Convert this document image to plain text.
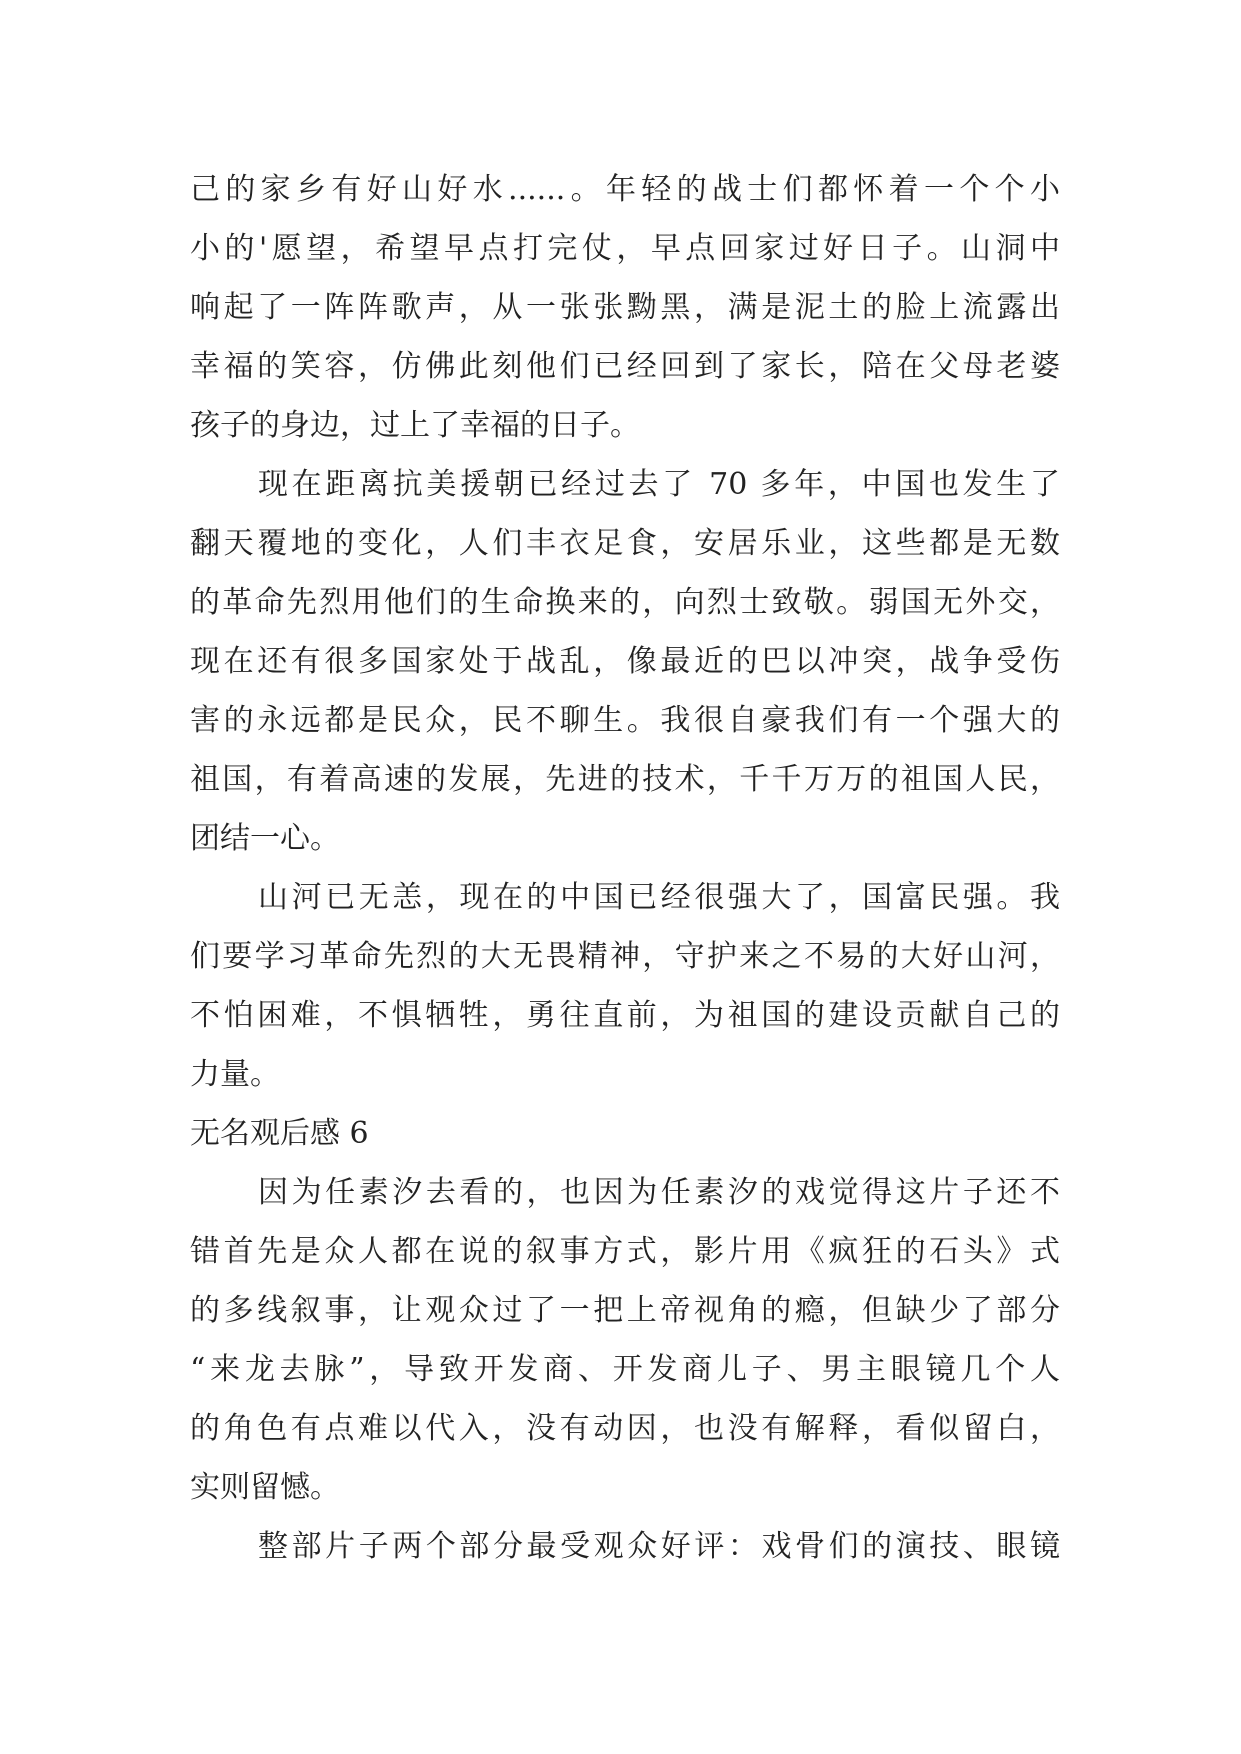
己的家乡有好山好水......。年轻的战士们都怀着一个个小
小的'愿望，希望早点打完仗，早点回家过好日子。山洞中
响起了一阵阵歌声，从一张张黝黑，满是泥土的脸上流露出
幸福的笑容，仿佛此刻他们已经回到了家长，陪在父母老婆
孩子的身边，过上了幸福的日子。
现在距离抗美援朝已经过去了 70 多年，中国也发生了
翻天覆地的变化，人们丰衣足食，安居乐业，这些都是无数
的革命先烈用他们的生命换来的，向烈士致敬。弱国无外交，
现在还有很多国家处于战乱，像最近的巴以冲突，战争受伤
害的永远都是民众，民不聊生。我很自豪我们有一个强大的
祖国，有着高速的发展，先进的技术，千千万万的祖国人民，
团结一心。
山河已无恙，现在的中国已经很强大了，国富民强。我
们要学习革命先烈的大无畏精神，守护来之不易的大好山河，
不怕困难，不惧牺牲，勇往直前，为祖国的建设贡献自己的
力量。
无名观后感 6
因为任素汐去看的，也因为任素汐的戏觉得这片子还不
错首先是众人都在说的叙事方式，影片用《疯狂的石头》式
的多线叙事，让观众过了一把上帝视角的瘾，但缺少了部分
“来龙去脉”，导致开发商、开发商儿子、男主眼镜几个人
的角色有点难以代入，没有动因，也没有解释，看似留白，
实则留憾。
整部片子两个部分最受观众好评：戏骨们的演技、眼镜
